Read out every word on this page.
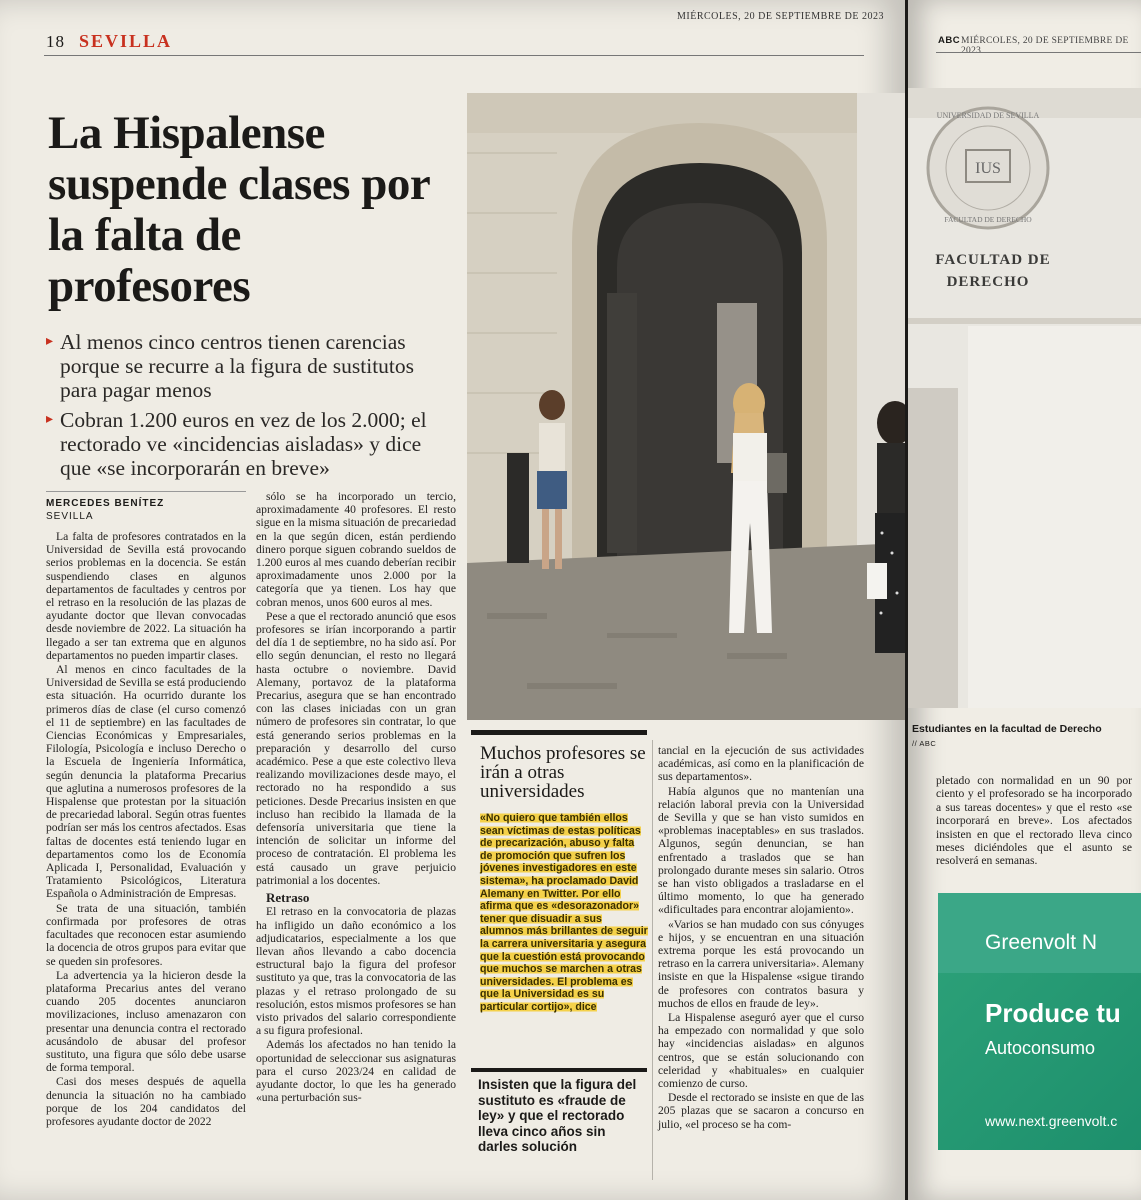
18 SEVILLA
MIÉRCOLES, 20 DE SEPTIEMBRE DE 2023
La Hispalense suspende clases por la falta de profesores
▸ Al menos cinco centros tienen carencias porque se recurre a la figura de sustitutos para pagar menos
▸ Cobran 1.200 euros en vez de los 2.000; el rectorado ve «incidencias aisladas» y dice que «se incorporarán en breve»
MERCEDES BENÍTEZ
SEVILLA

La falta de profesores contratados en la Universidad de Sevilla está provocando serios problemas en la docencia. Se están suspendiendo clases en algunos departamentos de facultades y centros por el retraso en la resolución de las plazas de ayudante doctor que llevan convocadas desde noviembre de 2022. La situación ha llegado a ser tan extrema que en algunos departamentos no pueden impartir clases.

Al menos en cinco facultades de la Universidad de Sevilla se está produciendo esta situación. Ha ocurrido durante los primeros días de clase (el curso comenzó el 11 de septiembre) en las facultades de Ciencias Económicas y Empresariales, Filología, Psicología e incluso Derecho o la Escuela de Ingeniería Informática, según denuncia la plataforma Precarius que aglutina a numerosos profesores de la Hispalense que protestan por la situación de precariedad laboral. Según otras fuentes podrían ser más los centros afectados. Esas faltas de docentes está teniendo lugar en departamentos como los de Economía Aplicada I, Personalidad, Evaluación y Tratamiento Psicológicos, Literatura Española o Administración de Empresas.

Se trata de una situación, también confirmada por profesores de otras facultades que reconocen estar asumiendo la docencia de otros grupos para evitar que se queden sin profesores.

La advertencia ya la hicieron desde la plataforma Precarius antes del verano cuando 205 docentes anunciaron movilizaciones, incluso amenazaron con presentar una denuncia contra el rectorado acusándolo de abusar del profesor sustituto, una figura que sólo debe usarse de forma temporal.

Casi dos meses después de aquella denuncia la situación no ha cambiado porque de los 204 candidatos del profesores ayudante doctor de 2022

sólo se ha incorporado un tercio, aproximadamente 40 profesores. El resto sigue en la misma situación de precariedad en la que según dicen, están perdiendo dinero porque siguen cobrando sueldos de 1.200 euros al mes cuando deberían recibir aproximadamente unos 2.000 por la categoría que ya tienen. Los hay que cobran menos, unos 600 euros al mes.

Pese a que el rectorado anunció que esos profesores se irían incorporando a partir del día 1 de septiembre, no ha sido así. Por ello según denuncian, el resto no llegará hasta octubre o noviembre. David Alemany, portavoz de la plataforma Precarius, asegura que se han encontrado con las clases iniciadas con un gran número de profesores sin contratar, lo que está generando serios problemas en la preparación y desarrollo del curso académico. Pese a que este colectivo lleva realizando movilizaciones desde mayo, el rectorado no ha respondido a sus peticiones. Desde Precarius insisten en que incluso han recibido la llamada de la defensoría universitaria que tiene la intención de solicitar un informe del proceso de contratación. El problema les está causado un grave perjuicio patrimonial a los docentes.

Retraso

El retraso en la convocatoria de plazas ha infligido un daño económico a los adjudicatarios, especialmente a los que llevan años llevando a cabo docencia estructural bajo la figura del profesor sustituto ya que, tras la convocatoria de las plazas y el retraso prolongado de su resolución, estos mismos profesores se han visto privados del salario correspondiente a su figura profesional.

Además los afectados no han tenido la oportunidad de seleccionar sus asignaturas para el curso 2023/24 en calidad de ayudante doctor, lo que les ha generado «una perturbación sus-

Muchos profesores se irán a otras universidades
«No quiero que también ellos sean víctimas de estas políticas de precarización, abuso y falta de promoción que sufren los jóvenes investigadores en este sistema», ha proclamado David Alemany en Twitter. Por ello afirma que es «desorazonador» tener que disuadir a sus alumnos más brillantes de seguir la carrera universitaria y asegura que la cuestión está provocando que muchos se marchen a otras universidades. El problema es que la Universidad es su particular cortijo», dice
Insisten que la figura del sustituto es «fraude de ley» y que el rectorado lleva cinco años sin darles solución

tancial en la ejecución de sus actividades académicas, así como en la planificación de sus departamentos».

Había algunos que no mantenían una relación laboral previa con la Universidad de Sevilla y que se han visto sumidos en «problemas inaceptables» en sus traslados. Algunos, según denuncian, se han enfrentado a traslados que se han prolongado durante meses sin salario. Otros se han visto obligados a trasladarse en el último momento, lo que ha generado «dificultades para encontrar alojamiento».

«Varios se han mudado con sus cónyuges e hijos, y se encuentran en una situación extrema porque les está provocando un retraso en la carrera universitaria». Alemany insiste en que la Hispalense «sigue tirando de profesores con contratos basura y muchos de ellos en fraude de ley».

La Hispalense aseguró ayer que el curso ha empezado con normalidad y que solo hay «incidencias aisladas» en algunos centros, que se están solucionando con celeridad y «habituales» en cualquier comienzo de curso.

Desde el rectorado se insiste en que de las 205 plazas que se sacaron a concurso en julio, «el proceso se ha com-

ABC MIÉRCOLES, 20 DE SEPTIEMBRE DE 2023
IUS
UNIVERSIDAD DE SEVILLA
FACULTAD DE DERECHO
FACULTAD DE
DERECHO
Estudiantes en la facultad de Derecho // ABC
pletado con normalidad en un 90 por ciento y el profesorado se ha incorporado a sus tareas docentes» y que el resto «se incorporará en breve». Los afectados insisten en que el rectorado lleva cinco meses diciéndoles que el asunto se resolverá en semanas.
Greenvolt N
Produce tu
Autoconsumo
www.next.greenvolt.c
